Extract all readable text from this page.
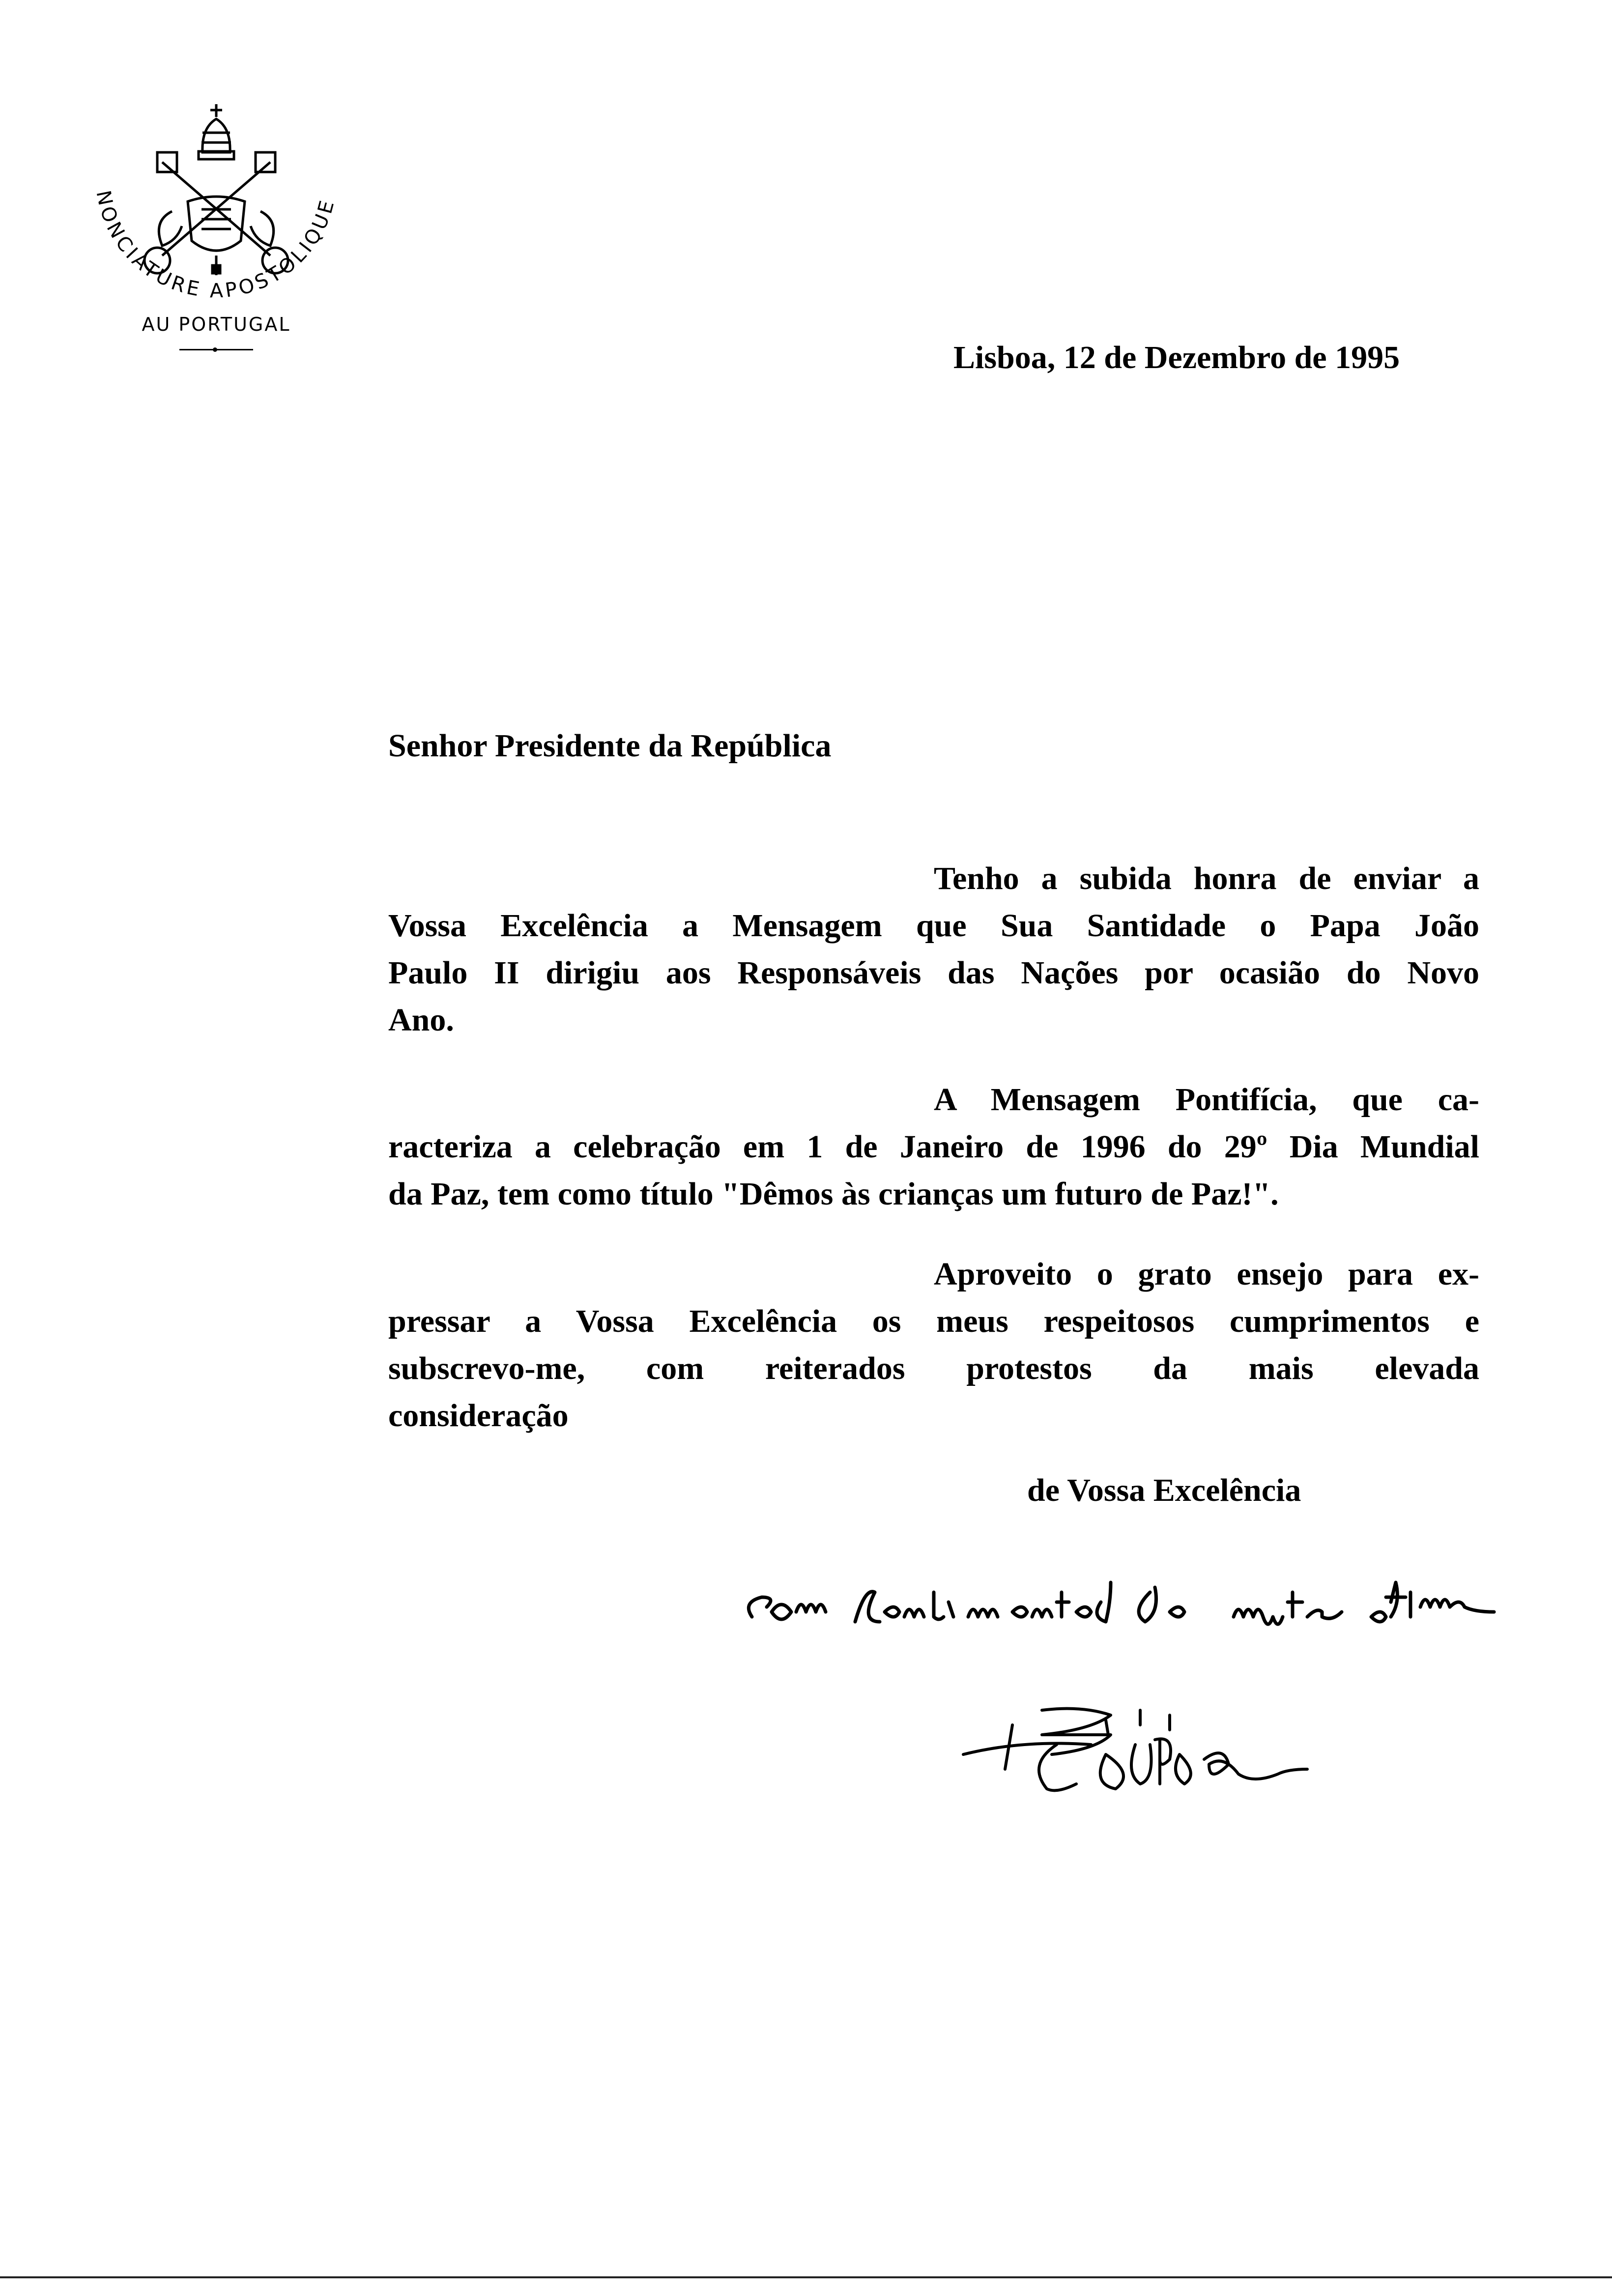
NONCIATURE APOSTOLIQUE
AU PORTUGAL
Lisboa, 12 de Dezembro de 1995
Senhor Presidente da República
Tenho a subida honra de enviar a
Vossa Excelência a Mensagem que Sua Santidade o Papa João
Paulo II dirigiu aos Responsáveis das Nações por ocasião do Novo
Ano.
A Mensagem Pontifícia, que ca-
racteriza a celebração em 1 de Janeiro de 1996 do 29º Dia Mundial
da Paz, tem como título "Dêmos às crianças um futuro de Paz!".
Aproveito o grato ensejo para ex-
pressar a Vossa Excelência os meus respeitosos cumprimentos e
subscrevo-me, com reiterados protestos da mais elevada
consideração
de Vossa Excelência
